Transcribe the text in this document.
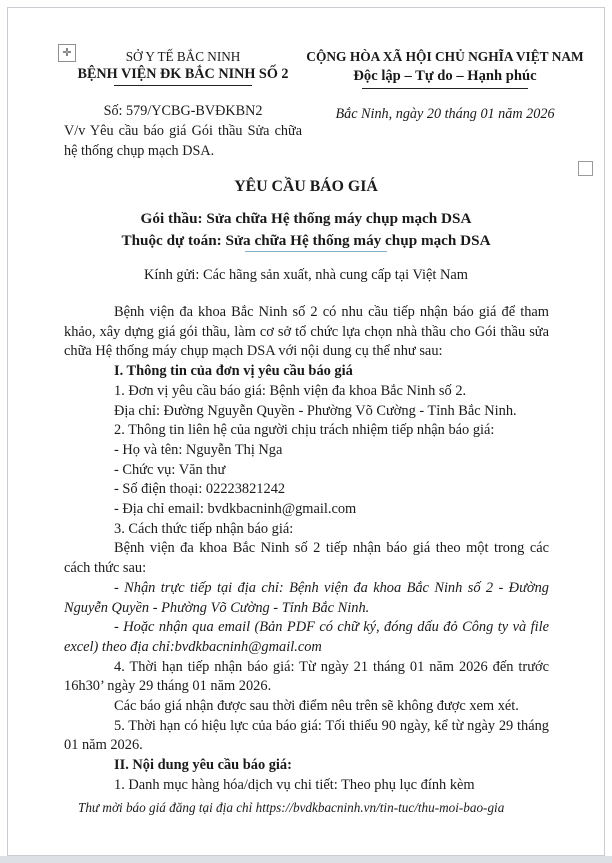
✛	SỞ Y TẾ BẮC NINH
BỆNH VIỆN ĐK BẮC NINH SỐ 2
Số: 579/YCBG-BVĐKBN2
V/v Yêu cầu báo giá Gói thầu Sửa chữa hệ thống chụp mạch DSA.
CỘNG HÒA XÃ HỘI CHỦ NGHĨA VIỆT NAM
Độc lập – Tự do – Hạnh phúc
Bắc Ninh, ngày 20 tháng 01 năm 2026
YÊU CẦU BÁO GIÁ
Gói thầu: Sửa chữa Hệ thống máy chụp mạch DSA
Thuộc dự toán: Sửa chữa Hệ thống máy chụp mạch DSA
Kính gửi: Các hãng sản xuất, nhà cung cấp tại Việt Nam

Bệnh viện đa khoa Bắc Ninh số 2 có nhu cầu tiếp nhận báo giá để tham khảo, xây dựng giá gói thầu, làm cơ sở tổ chức lựa chọn nhà thầu cho Gói thầu sửa chữa Hệ thống máy chụp mạch DSA với nội dung cụ thể như sau:

I. Thông tin của đơn vị yêu cầu báo giá

1. Đơn vị yêu cầu báo giá: Bệnh viện đa khoa Bắc Ninh số 2.

Địa chỉ: Đường Nguyễn Quyền - Phường Võ Cường - Tỉnh Bắc Ninh.

2. Thông tin liên hệ của người chịu trách nhiệm tiếp nhận báo giá:

- Họ và tên: Nguyễn Thị Nga

- Chức vụ: Văn thư

- Số điện thoại: 02223821242

- Địa chỉ email: bvdkbacninh@gmail.com

3. Cách thức tiếp nhận báo giá:

Bệnh viện đa khoa Bắc Ninh số 2 tiếp nhận báo giá theo một trong các cách thức sau:

- Nhận trực tiếp tại địa chỉ: Bệnh viện đa khoa Bắc Ninh số 2 - Đường Nguyễn Quyền - Phường Võ Cường - Tỉnh Bắc Ninh.

- Hoặc nhận qua email (Bản PDF có chữ ký, đóng dấu đỏ Công ty và file excel) theo địa chỉ:bvdkbacninh@gmail.com

4. Thời hạn tiếp nhận báo giá: Từ ngày 21 tháng 01 năm 2026 đến trước 16h30’ ngày 29 tháng 01 năm 2026.

Các báo giá nhận được sau thời điểm nêu trên sẽ không được xem xét.

5. Thời hạn có hiệu lực của báo giá: Tối thiểu 90 ngày, kể từ ngày 29 tháng 01 năm 2026.

II. Nội dung yêu cầu báo giá:

1. Danh mục hàng hóa/dịch vụ chi tiết: Theo phụ lục đính kèm

Thư mời báo giá đăng tại địa chỉ https://bvdkbacninh.vn/tin-tuc/thu-moi-bao-gia
